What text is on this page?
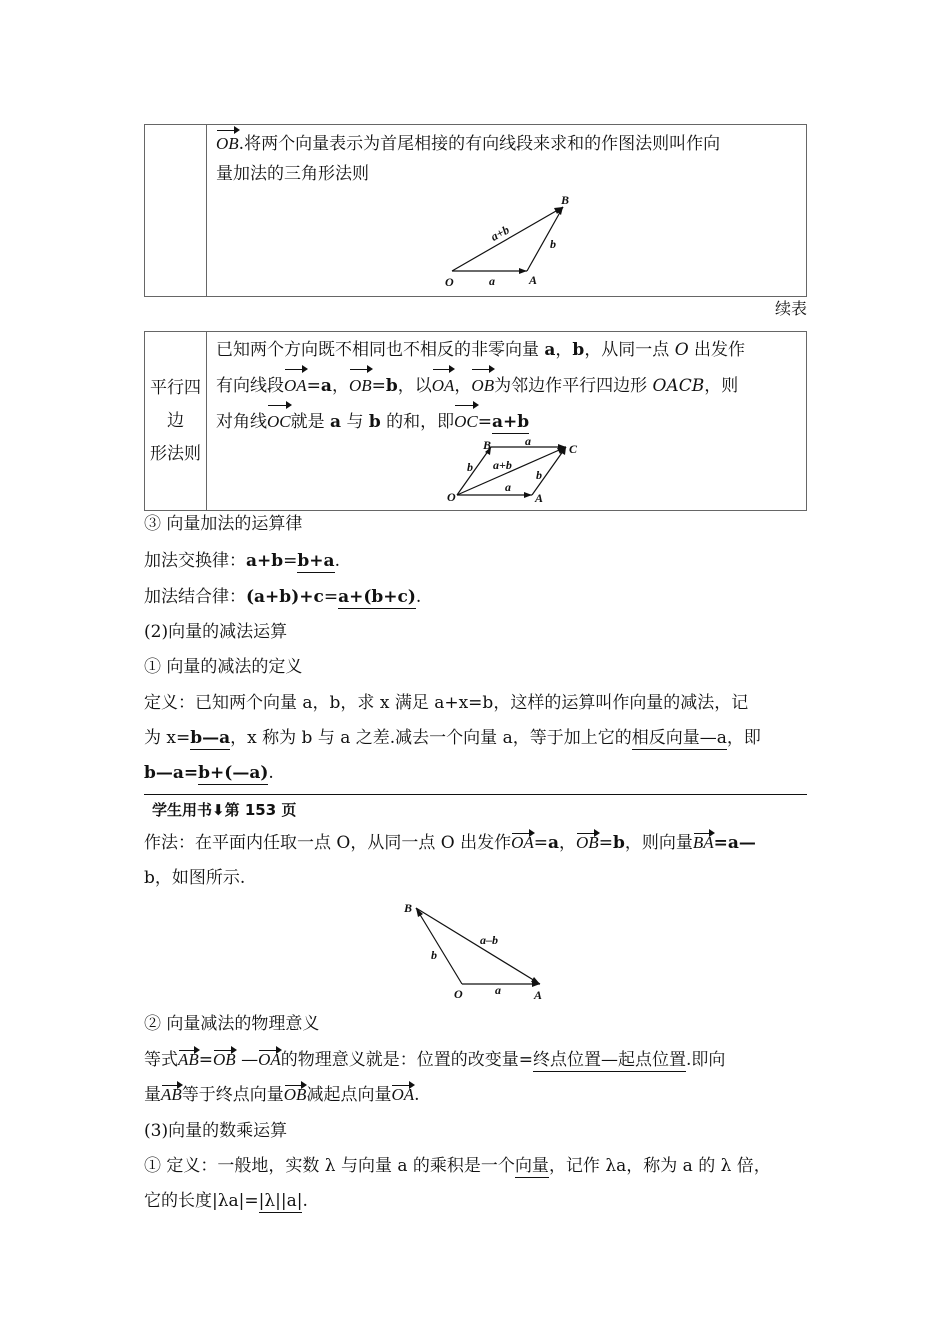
OB.将两个向量表示为首尾相接的有向线段来求和的作图法则叫作向
量加法的三角形法则
O	A
B
a
b
a+b
续表
平行四
边
形法则

已知两个方向既不相同也不相反的非零向量 a，b，从同一点 O 出发作
有向线段OA=a，OB=b，以OA，OB为邻边作平行四边形 OACB，则
对角线OC就是 a 与 b 的和，即OC=a+b
O	A
B	C
a
a
b
b
a+b
③ 向量加法的运算律
加法交换律：a+b=b+a.
加法结合律：(a+b)+c=a+(b+c).
(2)向量的减法运算
① 向量的减法的定义
定义：已知两个向量 a，b，求 x 满足 a+x=b，这样的运算叫作向量的减法，记
为 x=b—a，x 称为 b 与 a 之差.减去一个向量 a，等于加上它的相反向量—a，即
b—a=b+(—a).
学生用书⬇第 153 页
作法：在平面内任取一点 O，从同一点 O 出发作OA=a，OB=b，则向量BA=a—
b，如图所示.
B
O	A
a–b
a
b
② 向量减法的物理意义
等式AB=OB —OA的物理意义就是：位置的改变量=终点位置—起点位置.即向
量AB等于终点向量OB减起点向量OA.
(3)向量的数乘运算
① 定义：一般地，实数 λ 与向量 a 的乘积是一个向量，记作 λa，称为 a 的 λ 倍，
它的长度|λa|=|λ||a|.
